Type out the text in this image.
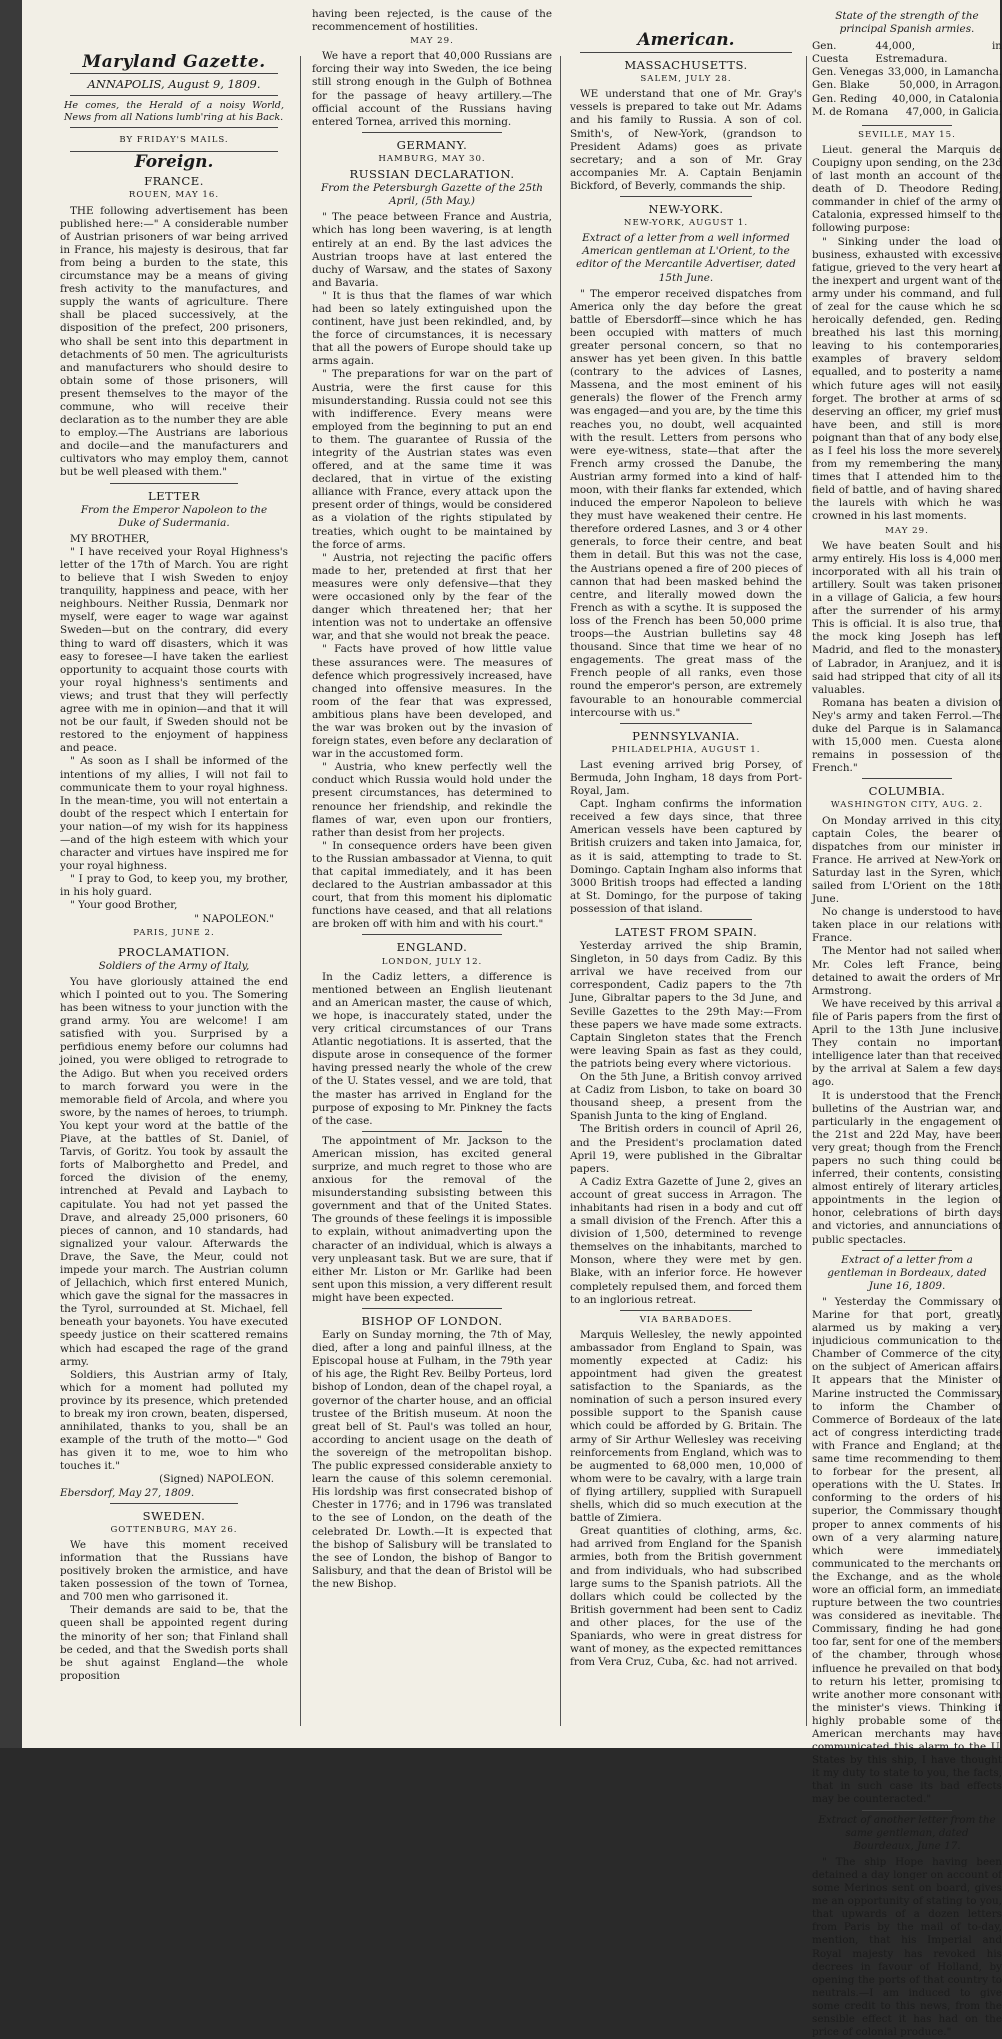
Maryland Gazette.
ANNAPOLIS, August 9, 1809.
He comes, the Herald of a noisy World, News from all Nations lumb'ring at his Back.
BY FRIDAY'S MAILS.
Foreign.
FRANCE.
ROUEN, MAY 16.

THE following advertisement has been published here:—" A considerable number of Austrian prisoners of war being arrived in France, his majesty is desirous, that far from being a burden to the state, this circumstance may be a means of giving fresh activity to the manufactures, and supply the wants of agriculture. There shall be placed successively, at the disposition of the prefect, 200 prisoners, who shall be sent into this department in detachments of 50 men. The agriculturists and manufacturers who should desire to obtain some of those prisoners, will present themselves to the mayor of the commune, who will receive their declaration as to the number they are able to employ.—The Austrians are laborious and docile—and the manufacturers and cultivators who may employ them, cannot but be well pleased with them."

LETTER
From the Emperor Napoleon to the Duke of Sudermania.

MY BROTHER,

" I have received your Royal Highness's letter of the 17th of March. You are right to believe that I wish Sweden to enjoy tranquility, happiness and peace, with her neighbours. Neither Russia, Denmark nor myself, were eager to wage war against Sweden—but on the contrary, did every thing to ward off disasters, which it was easy to foresee—I have taken the earliest opportunity to acquaint those courts with your royal highness's sentiments and views; and trust that they will perfectly agree with me in opinion—and that it will not be our fault, if Sweden should not be restored to the enjoyment of happiness and peace.

" As soon as I shall be informed of the intentions of my allies, I will not fail to communicate them to your royal highness. In the mean-time, you will not entertain a doubt of the respect which I entertain for your nation—of my wish for its happiness—and of the high esteem with which your character and virtues have inspired me for your royal highness.

" I pray to God, to keep you, my brother, in his holy guard.

" Your good Brother,

" NAPOLEON."
PARIS, JUNE 2.
PROCLAMATION.
Soldiers of the Army of Italy,

You have gloriously attained the end which I pointed out to you. The Somering has been witness to your junction with the grand army. You are welcome! I am satisfied with you. Surprised by a perfidious enemy before our columns had joined, you were obliged to retrograde to the Adigo. But when you received orders to march forward you were in the memorable field of Arcola, and where you swore, by the names of heroes, to triumph. You kept your word at the battle of the Piave, at the battles of St. Daniel, of Tarvis, of Goritz. You took by assault the forts of Malborghetto and Predel, and forced the division of the enemy, intrenched at Pevald and Laybach to capitulate. You had not yet passed the Drave, and already 25,000 prisoners, 60 pieces of cannon, and 10 standards, had signalized your valour. Afterwards the Drave, the Save, the Meur, could not impede your march. The Austrian column of Jellachich, which first entered Munich, which gave the signal for the massacres in the Tyrol, surrounded at St. Michael, fell beneath your bayonets. You have executed speedy justice on their scattered remains which had escaped the rage of the grand army.

Soldiers, this Austrian army of Italy, which for a moment had polluted my province by its presence, which pretended to break my iron crown, beaten, dispersed, annihilated, thanks to you, shall be an example of the truth of the motto—" God has given it to me, woe to him who touches it."

(Signed) NAPOLEON.
Ebersdorf, May 27, 1809.
SWEDEN.
GOTTENBURG, MAY 26.

We have this moment received information that the Russians have positively broken the armistice, and have taken possession of the town of Tornea, and 700 men who garrisoned it.

Their demands are said to be, that the queen shall be appointed regent during the minority of her son; that Finland shall be ceded, and that the Swedish ports shall be shut against England—the whole proposition

having been rejected, is the cause of the recommencement of hostilities.

MAY 29.

We have a report that 40,000 Russians are forcing their way into Sweden, the ice being still strong enough in the Gulph of Bothnea for the passage of heavy artillery.—The official account of the Russians having entered Tornea, arrived this morning.

GERMANY.
HAMBURG, MAY 30.
RUSSIAN DECLARATION.
From the Petersburgh Gazette of the 25th April, (5th May.)

" The peace between France and Austria, which has long been wavering, is at length entirely at an end. By the last advices the Austrian troops have at last entered the duchy of Warsaw, and the states of Saxony and Bavaria.

" It is thus that the flames of war which had been so lately extinguished upon the continent, have just been rekindled, and, by the force of circumstances, it is necessary that all the powers of Europe should take up arms again.

" The preparations for war on the part of Austria, were the first cause for this misunderstanding. Russia could not see this with indifference. Every means were employed from the beginning to put an end to them. The guarantee of Russia of the integrity of the Austrian states was even offered, and at the same time it was declared, that in virtue of the existing alliance with France, every attack upon the present order of things, would be considered as a violation of the rights stipulated by treaties, which ought to be maintained by the force of arms.

" Austria, not rejecting the pacific offers made to her, pretended at first that her measures were only defensive—that they were occasioned only by the fear of the danger which threatened her; that her intention was not to undertake an offensive war, and that she would not break the peace.

" Facts have proved of how little value these assurances were. The measures of defence which progressively increased, have changed into offensive measures. In the room of the fear that was expressed, ambitious plans have been developed, and the war was broken out by the invasion of foreign states, even before any declaration of war in the accustomed form.

" Austria, who knew perfectly well the conduct which Russia would hold under the present circumstances, has determined to renounce her friendship, and rekindle the flames of war, even upon our frontiers, rather than desist from her projects.

" In consequence orders have been given to the Russian ambassador at Vienna, to quit that capital immediately, and it has been declared to the Austrian ambassador at this court, that from this moment his diplomatic functions have ceased, and that all relations are broken off with him and with his court."

ENGLAND.
LONDON, JULY 12.

In the Cadiz letters, a difference is mentioned between an English lieutenant and an American master, the cause of which, we hope, is inaccurately stated, under the very critical circumstances of our Trans Atlantic negotiations. It is asserted, that the dispute arose in consequence of the former having pressed nearly the whole of the crew of the U. States vessel, and we are told, that the master has arrived in England for the purpose of exposing to Mr. Pinkney the facts of the case.

The appointment of Mr. Jackson to the American mission, has excited general surprize, and much regret to those who are anxious for the removal of the misunderstanding subsisting between this government and that of the United States. The grounds of these feelings it is impossible to explain, without animadverting upon the character of an individual, which is always a very unpleasant task. But we are sure, that if either Mr. Liston or Mr. Garlike had been sent upon this mission, a very different result might have been expected.

BISHOP OF LONDON.

Early on Sunday morning, the 7th of May, died, after a long and painful illness, at the Episcopal house at Fulham, in the 79th year of his age, the Right Rev. Beilby Porteus, lord bishop of London, dean of the chapel royal, a governor of the charter house, and an official trustee of the British museum. At noon the great bell of St. Paul's was tolled an hour, according to ancient usage on the death of the sovereign of the metropolitan bishop. The public expressed considerable anxiety to learn the cause of this solemn ceremonial. His lordship was first consecrated bishop of Chester in 1776; and in 1796 was translated to the see of London, on the death of the celebrated Dr. Lowth.—It is expected that the bishop of Salisbury will be translated to the see of London, the bishop of Bangor to Salisbury, and that the dean of Bristol will be the new Bishop.

American.
MASSACHUSETTS.
SALEM, JULY 28.

WE understand that one of Mr. Gray's vessels is prepared to take out Mr. Adams and his family to Russia. A son of col. Smith's, of New-York, (grandson to President Adams) goes as private secretary; and a son of Mr. Gray accompanies Mr. A. Captain Benjamin Bickford, of Beverly, commands the ship.

NEW-YORK.
NEW-YORK, AUGUST 1.
Extract of a letter from a well informed American gentleman at L'Orient, to the editor of the Mercantile Advertiser, dated 15th June.

" The emperor received dispatches from America only the day before the great battle of Ebersdorff—since which he has been occupied with matters of much greater personal concern, so that no answer has yet been given. In this battle (contrary to the advices of Lasnes, Massena, and the most eminent of his generals) the flower of the French army was engaged—and you are, by the time this reaches you, no doubt, well acquainted with the result. Letters from persons who were eye-witness, state—that after the French army crossed the Danube, the Austrian army formed into a kind of half-moon, with their flanks far extended, which induced the emperor Napoleon to believe they must have weakened their centre. He therefore ordered Lasnes, and 3 or 4 other generals, to force their centre, and beat them in detail. But this was not the case, the Austrians opened a fire of 200 pieces of cannon that had been masked behind the centre, and literally mowed down the French as with a scythe. It is supposed the loss of the French has been 50,000 prime troops—the Austrian bulletins say 48 thousand. Since that time we hear of no engagements. The great mass of the French people of all ranks, even those round the emperor's person, are extremely favourable to an honourable commercial intercourse with us."

PENNSYLVANIA.
PHILADELPHIA, AUGUST 1.

Last evening arrived brig Porsey, of Bermuda, John Ingham, 18 days from Port-Royal, Jam.

Capt. Ingham confirms the information received a few days since, that three American vessels have been captured by British cruizers and taken into Jamaica, for, as it is said, attempting to trade to St. Domingo. Captain Ingham also informs that 3000 British troops had effected a landing at St. Domingo, for the purpose of taking possession of that island.

LATEST FROM SPAIN.

Yesterday arrived the ship Bramin, Singleton, in 50 days from Cadiz. By this arrival we have received from our correspondent, Cadiz papers to the 7th June, Gibraltar papers to the 3d June, and Seville Gazettes to the 29th May:—From these papers we have made some extracts. Captain Singleton states that the French were leaving Spain as fast as they could, the patriots being every where victorious.

On the 5th June, a British convoy arrived at Cadiz from Lisbon, to take on board 30 thousand sheep, a present from the Spanish Junta to the king of England.

The British orders in council of April 26, and the President's proclamation dated April 19, were published in the Gibraltar papers.

A Cadiz Extra Gazette of June 2, gives an account of great success in Arragon. The inhabitants had risen in a body and cut off a small division of the French. After this a division of 1,500, determined to revenge themselves on the inhabitants, marched to Monson, where they were met by gen. Blake, with an inferior force. He however completely repulsed them, and forced them to an inglorious retreat.

VIA BARBADOES.

Marquis Wellesley, the newly appointed ambassador from England to Spain, was momently expected at Cadiz: his appointment had given the greatest satisfaction to the Spaniards, as the nomination of such a person insured every possible support to the Spanish cause which could be afforded by G. Britain. The army of Sir Arthur Wellesley was receiving reinforcements from England, which was to be augmented to 68,000 men, 10,000 of whom were to be cavalry, with a large train of flying artillery, supplied with Surapuell shells, which did so much execution at the battle of Zimiera.

Great quantities of clothing, arms, &c. had arrived from England for the Spanish armies, both from the British government and from individuals, who had subscribed large sums to the Spanish patriots. All the dollars which could be collected by the British government had been sent to Cadiz and other places, for the use of the Spaniards, who were in great distress for want of money, as the expected remittances from Vera Cruz, Cuba, &c. had not arrived.

State of the strength of the principal Spanish armies.
Gen. Cuesta
44,000, in Estremadura.
Gen. Venegas 33,000, in Lamancha.
Gen. Blake	50,000, in Arragon.
Gen. Reding 40,000, in Catalonia.
M. de Romana 47,000, in Galicia.
SEVILLE, MAY 15.

Lieut. general the Marquis de Coupigny upon sending, on the 23d of last month an account of the death of D. Theodore Reding, commander in chief of the army of Catalonia, expressed himself to the following purpose:

" Sinking under the load of business, exhausted with excessive fatigue, grieved to the very heart at the inexpert and urgent want of the army under his command, and full of zeal for the cause which he so heroically defended, gen. Reding breathed his last this morning, leaving to his contemporaries, examples of bravery seldom equalled, and to posterity a name which future ages will not easily forget. The brother at arms of so deserving an officer, my grief must have been, and still is more poignant than that of any body else, as I feel his loss the more severely from my remembering the many times that I attended him to the field of battle, and of having shared the laurels with which he was crowned in his last moments.

MAY 29.

We have beaten Soult and his army entirely. His loss is 4,000 men incorporated with all his train of artillery. Soult was taken prisoner in a village of Galicia, a few hours after the surrender of his army. This is official. It is also true, that the mock king Joseph has left Madrid, and fled to the monastery of Labrador, in Aranjuez, and it is said had stripped that city of all its valuables.

Romana has beaten a division of Ney's army and taken Ferrol.—The duke del Parque is in Salamanca with 15,000 men. Cuesta alone remains in possession of the French."

COLUMBIA.
WASHINGTON CITY, AUG. 2.

On Monday arrived in this city, captain Coles, the bearer of dispatches from our minister in France. He arrived at New-York on Saturday last in the Syren, which sailed from L'Orient on the 18th June.

No change is understood to have taken place in our relations with France.

The Mentor had not sailed when Mr. Coles left France, being detained to await the orders of Mr. Armstrong.

We have received by this arrival a file of Paris papers from the first of April to the 13th June inclusive. They contain no important intelligence later than that received by the arrival at Salem a few days ago.

It is understood that the French bulletins of the Austrian war, and particularly in the engagement of the 21st and 22d May, have been very great; though from the French papers no such thing could be inferred, their contents, consisting almost entirely of literary articles, appointments in the legion of honor, celebrations of birth days and victories, and annunciations of public spectacles.

Extract of a letter from a gentleman in Bordeaux, dated June 16, 1809.

" Yesterday the Commissary of Marine for that port, greatly alarmed us by making a very injudicious communication to the Chamber of Commerce of the city, on the subject of American affairs. It appears that the Minister of Marine instructed the Commissary to inform the Chamber of Commerce of Bordeaux of the late act of congress interdicting trade with France and England; at the same time recommending to them to forbear for the present, all operations with the U. States. In conforming to the orders of his superior, the Commissary thought proper to annex comments of his own of a very alarming nature, which were immediately communicated to the merchants on the Exchange, and as the whole wore an official form, an immediate rupture between the two countries was considered as inevitable. The Commissary, finding he had gone too far, sent for one of the members of the chamber, through whose influence he prevailed on that body to return his letter, promising to write another more consonant with the minister's views. Thinking it highly probable some of the American merchants may have communicated this alarm to the U. States by this ship, I have thought it my duty to state to you, the facts, that in such case its bad effects may be counteracted."

Extract of another letter from the same gentleman, dated Bourdeaux, June 17.

" The ship Hope having been detained a day longer on account of some Merinos sent on board, gives me an opportunity of stating to you, that upwards of a dozen letters from Paris by the mail of to-day, mention, that his Imperial and Royal majesty has revoked his decrees in favour of Holland, by opening the ports of that country to neutrals.—I am induced to give some credit to this news, from the sensible effect it has had on the price of colonial produce."
